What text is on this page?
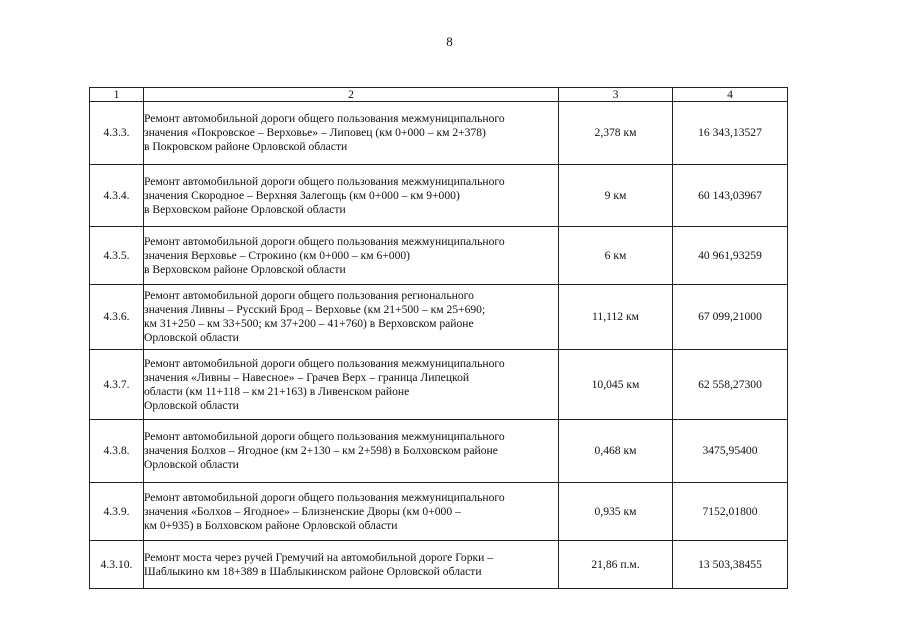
8
1	2	3	4
4.3.3.	Ремонт автомобильной дороги общего пользования межмуниципального
значения «Покровское – Верховье» – Липовец (км 0+000 – км 2+378)
в Покровском районе Орловской области	2,378 км	16 343,13527
4.3.4.	Ремонт автомобильной дороги общего пользования межмуниципального
значения Скородное – Верхняя Залегощь (км 0+000 – км 9+000)
в Верховском районе Орловской области	9 км	60 143,03967
4.3.5.	Ремонт автомобильной дороги общего пользования межмуниципального
значения Верховье – Строкино (км 0+000 – км 6+000)
в Верховском районе Орловской области	6 км	40 961,93259
4.3.6.	Ремонт автомобильной дороги общего пользования регионального
значения Ливны – Русский Брод – Верховье (км 21+500 – км 25+690;
км 31+250 – км 33+500; км 37+200 – 41+760) в Верховском районе
Орловской области	11,112 км	67 099,21000
4.3.7.	Ремонт автомобильной дороги общего пользования межмуниципального
значения «Ливны – Навесное» – Грачев Верх – граница Липецкой
области (км 11+118 – км 21+163) в Ливенском районе
Орловской области	10,045 км	62 558,27300
4.3.8.	Ремонт автомобильной дороги общего пользования межмуниципального
значения Болхов – Ягодное (км 2+130 – км 2+598) в Болховском районе
Орловской области	0,468 км	3475,95400
4.3.9.	Ремонт автомобильной дороги общего пользования межмуниципального
значения «Болхов – Ягодное» – Близненские Дворы (км 0+000 –
км 0+935) в Болховском районе Орловской области	0,935 км	7152,01800
4.3.10.	Ремонт моста через ручей Гремучий на автомобильной дороге Горки –
Шаблыкино км 18+389 в Шаблыкинском районе Орловской области	21,86 п.м.	13 503,38455
